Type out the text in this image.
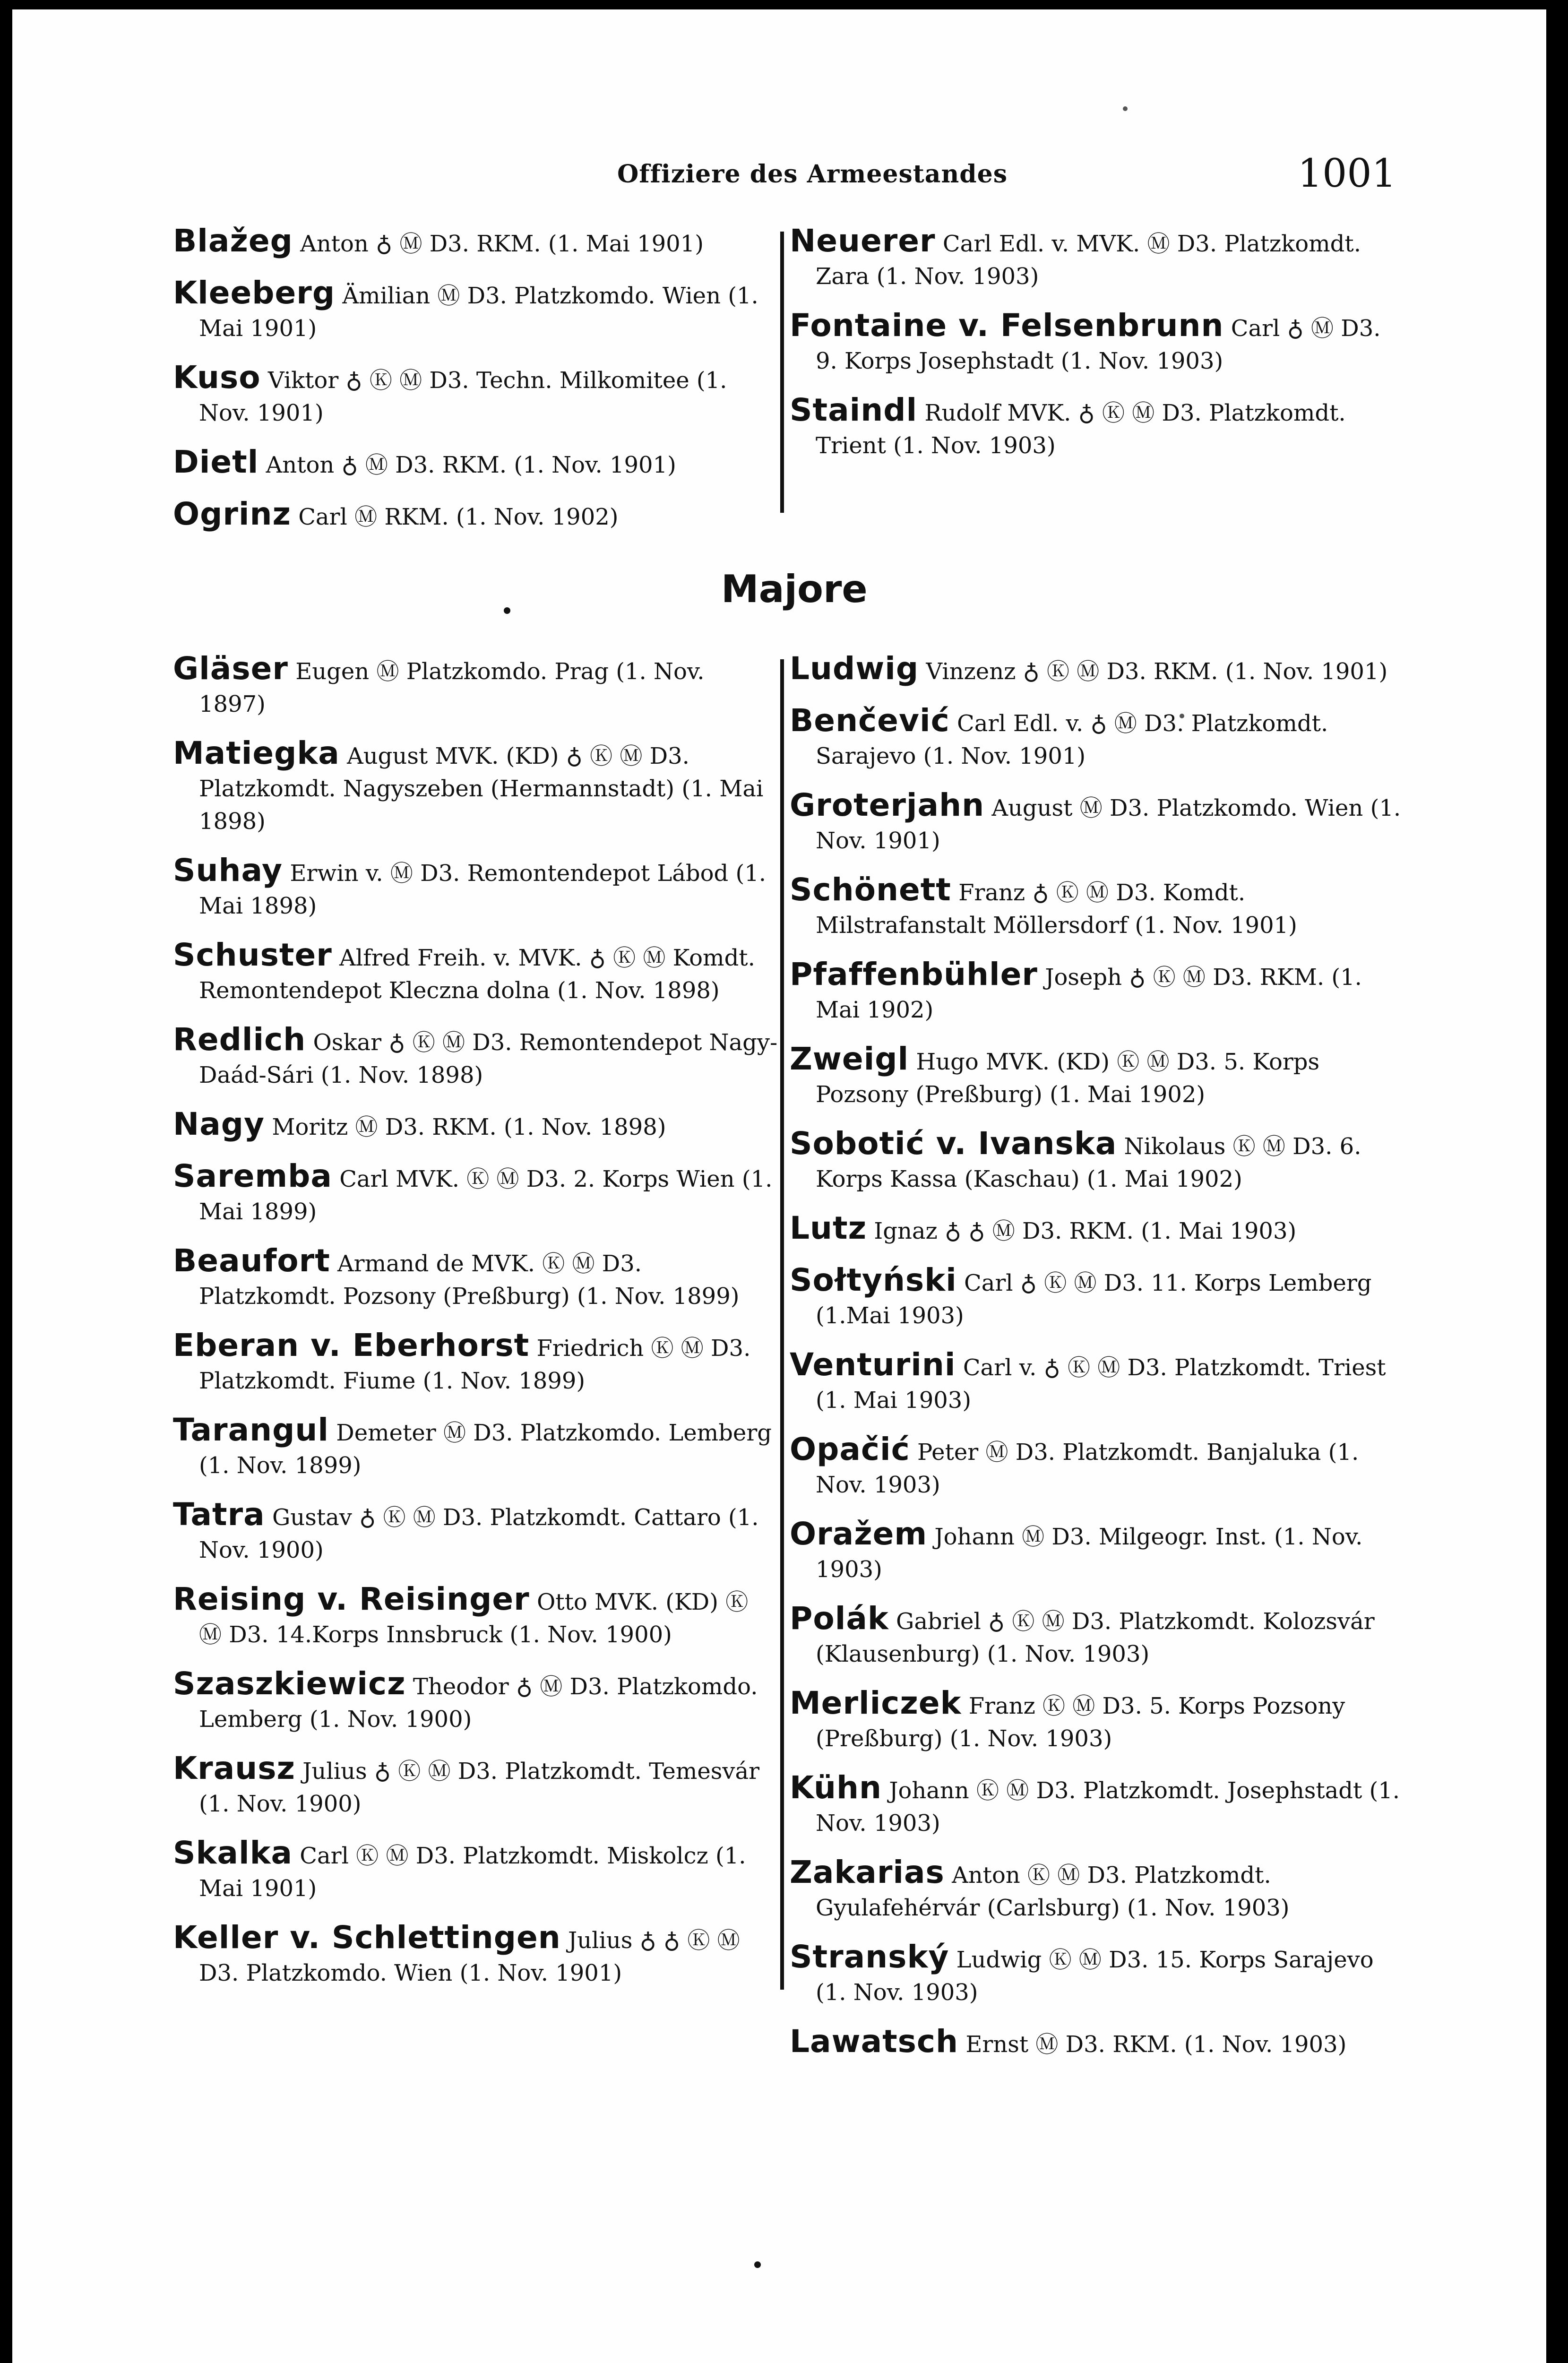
Offiziere des Armeestandes	1001
Blažeg Anton ♁ Ⓜ D3. RKM. (1. Mai 1901)
Kleeberg Ämilian Ⓜ D3. Platzkomdo. Wien (1. Mai 1901)
Kuso Viktor ♁ Ⓚ Ⓜ D3. Techn. Milkomitee (1. Nov. 1901)
Dietl Anton ♁ Ⓜ D3. RKM. (1. Nov. 1901)
Ogrinz Carl Ⓜ RKM. (1. Nov. 1902)
Neuerer Carl Edl. v. MVK. Ⓜ D3. Platzkomdt. Zara (1. Nov. 1903)
Fontaine v. Felsenbrunn Carl ♁ Ⓜ D3. 9. Korps Josephstadt (1. Nov. 1903)
Staindl Rudolf MVK. ♁ Ⓚ Ⓜ D3. Platzkomdt. Trient (1. Nov. 1903)
Majore
Gläser Eugen Ⓜ Platzkomdo. Prag (1. Nov. 1897)
Matiegka August MVK. (KD) ♁ Ⓚ Ⓜ D3. Platzkomdt. Nagyszeben (Hermannstadt) (1. Mai 1898)
Suhay Erwin v. Ⓜ D3. Remontendepot Lábod (1. Mai 1898)
Schuster Alfred Freih. v. MVK. ♁ Ⓚ Ⓜ Komdt. Remontendepot Kleczna dolna (1. Nov. 1898)
Redlich Oskar ♁ Ⓚ Ⓜ D3. Remontendepot Nagy-Daád-Sári (1. Nov. 1898)
Nagy Moritz Ⓜ D3. RKM. (1. Nov. 1898)
Saremba Carl MVK. Ⓚ Ⓜ D3. 2. Korps Wien (1. Mai 1899)
Beaufort Armand de MVK. Ⓚ Ⓜ D3. Platzkomdt. Pozsony (Preßburg) (1. Nov. 1899)
Eberan v. Eberhorst Friedrich Ⓚ Ⓜ D3. Platzkomdt. Fiume (1. Nov. 1899)
Tarangul Demeter Ⓜ D3. Platzkomdo. Lemberg (1. Nov. 1899)
Tatra Gustav ♁ Ⓚ Ⓜ D3. Platzkomdt. Cattaro (1. Nov. 1900)
Reising v. Reisinger Otto MVK. (KD) Ⓚ Ⓜ D3. 14.Korps Innsbruck (1. Nov. 1900)
Szaszkiewicz Theodor ♁ Ⓜ D3. Platzkomdo. Lemberg (1. Nov. 1900)
Krausz Julius ♁ Ⓚ Ⓜ D3. Platzkomdt. Temesvár (1. Nov. 1900)
Skalka Carl Ⓚ Ⓜ D3. Platzkomdt. Miskolcz (1. Mai 1901)
Keller v. Schlettingen Julius ♁ ♁ Ⓚ Ⓜ D3. Platzkomdo. Wien (1. Nov. 1901)
Ludwig Vinzenz ♁ Ⓚ Ⓜ D3. RKM. (1. Nov. 1901)
Benčević Carl Edl. v. ♁ Ⓜ D3. Platzkomdt. Sarajevo (1. Nov. 1901)
Groterjahn August Ⓜ D3. Platzkomdo. Wien (1. Nov. 1901)
Schönett Franz ♁ Ⓚ Ⓜ D3. Komdt. Milstrafanstalt Möllersdorf (1. Nov. 1901)
Pfaffenbühler Joseph ♁ Ⓚ Ⓜ D3. RKM. (1. Mai 1902)
Zweigl Hugo MVK. (KD) Ⓚ Ⓜ D3. 5. Korps Pozsony (Preßburg) (1. Mai 1902)
Sobotić v. Ivanska Nikolaus Ⓚ Ⓜ D3. 6. Korps Kassa (Kaschau) (1. Mai 1902)
Lutz Ignaz ♁ ♁ Ⓜ D3. RKM. (1. Mai 1903)
Sołtyński Carl ♁ Ⓚ Ⓜ D3. 11. Korps Lemberg (1.Mai 1903)
Venturini Carl v. ♁ Ⓚ Ⓜ D3. Platzkomdt. Triest (1. Mai 1903)
Opačić Peter Ⓜ D3. Platzkomdt. Banjaluka (1. Nov. 1903)
Oražem Johann Ⓜ D3. Milgeogr. Inst. (1. Nov. 1903)
Polák Gabriel ♁ Ⓚ Ⓜ D3. Platzkomdt. Kolozsvár (Klausenburg) (1. Nov. 1903)
Merliczek Franz Ⓚ Ⓜ D3. 5. Korps Pozsony (Preßburg) (1. Nov. 1903)
Kühn Johann Ⓚ Ⓜ D3. Platzkomdt. Josephstadt (1. Nov. 1903)
Zakarias Anton Ⓚ Ⓜ D3. Platzkomdt. Gyulafehérvár (Carlsburg) (1. Nov. 1903)
Stranský Ludwig Ⓚ Ⓜ D3. 15. Korps Sarajevo (1. Nov. 1903)
Lawatsch Ernst Ⓜ D3. RKM. (1. Nov. 1903)
